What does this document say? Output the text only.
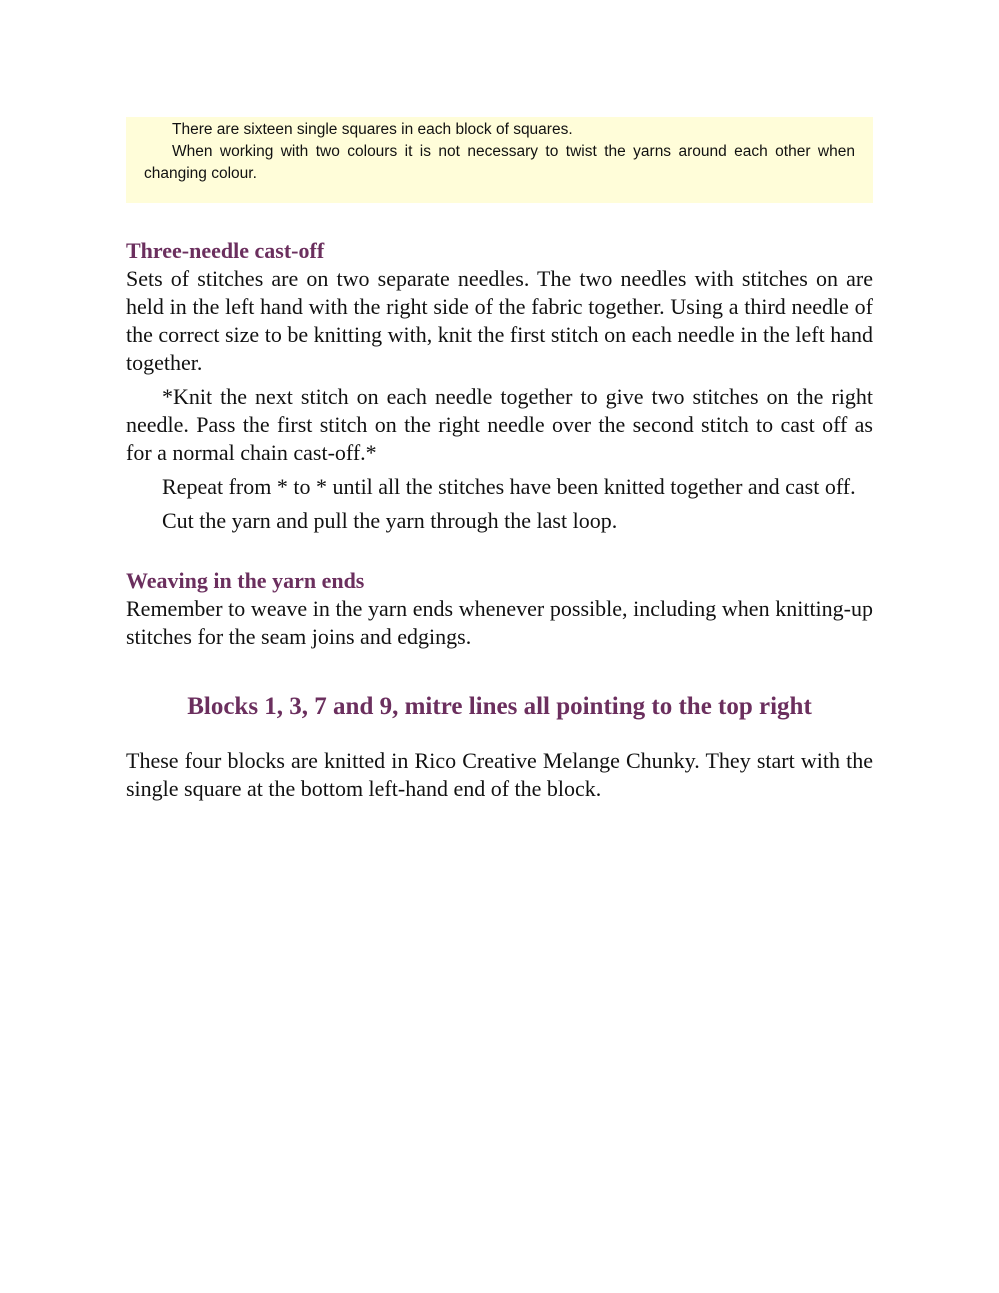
There are sixteen single squares in each block of squares.

When working with two colours it is not necessary to twist the yarns around each other when changing colour.

Three-needle cast-off

Sets of stitches are on two separate needles. The two needles with stitches on are held in the left hand with the right side of the fabric together. Using a third needle of the correct size to be knitting with, knit the first stitch on each needle in the left hand together.

*Knit the next stitch on each needle together to give two stitches on the right needle. Pass the first stitch on the right needle over the second stitch to cast off as for a normal chain cast-off.*

Repeat from * to * until all the stitches have been knitted together and cast off.

Cut the yarn and pull the yarn through the last loop.

Weaving in the yarn ends

Remember to weave in the yarn ends whenever possible, including when knitting-up stitches for the seam joins and edgings.

Blocks 1, 3, 7 and 9, mitre lines all pointing to the top right

These four blocks are knitted in Rico Creative Melange Chunky. They start with the single square at the bottom left-hand end of the block.
